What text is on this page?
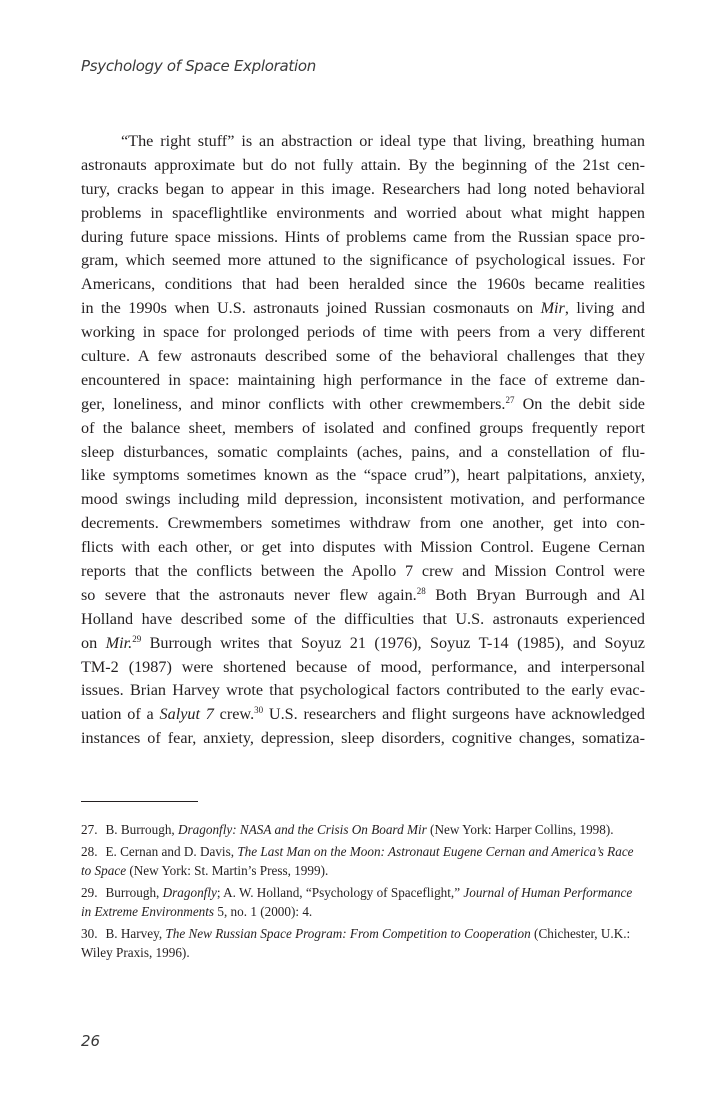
Psychology of Space Exploration
“The right stuff” is an abstraction or ideal type that living, breathing human
astronauts approximate but do not fully attain. By the beginning of the 21st cen-
tury, cracks began to appear in this image. Researchers had long noted behavioral
problems in spaceflightlike environments and worried about what might happen
during future space missions. Hints of problems came from the Russian space pro-
gram, which seemed more attuned to the significance of psychological issues. For
Americans, conditions that had been heralded since the 1960s became realities
in the 1990s when U.S. astronauts joined Russian cosmonauts on Mir, living and
working in space for prolonged periods of time with peers from a very different
culture. A few astronauts described some of the behavioral challenges that they
encountered in space: maintaining high performance in the face of extreme dan-
ger, loneliness, and minor conflicts with other crewmembers.$^{27}$ On the debit side
of the balance sheet, members of isolated and confined groups frequently report
sleep disturbances, somatic complaints (aches, pains, and a constellation of flu-
like symptoms sometimes known as the “space crud”), heart palpitations, anxiety,
mood swings including mild depression, inconsistent motivation, and performance
decrements. Crewmembers sometimes withdraw from one another, get into con-
flicts with each other, or get into disputes with Mission Control. Eugene Cernan
reports that the conflicts between the Apollo 7 crew and Mission Control were
so severe that the astronauts never flew again.$^{28}$ Both Bryan Burrough and Al
Holland have described some of the difficulties that U.S. astronauts experienced
on Mir.$^{29}$ Burrough writes that Soyuz 21 (1976), Soyuz T-14 (1985), and Soyuz
TM-2 (1987) were shortened because of mood, performance, and interpersonal
issues. Brian Harvey wrote that psychological factors contributed to the early evac-
uation of a Salyut 7 crew.$^{30}$ U.S. researchers and flight surgeons have acknowledged
instances of fear, anxiety, depression, sleep disorders, cognitive changes, somatiza-

27. B. Burrough, Dragonfly: NASA and the Crisis On Board Mir (New York: Harper Collins, 1998).

28. E. Cernan and D. Davis, The Last Man on the Moon: Astronaut Eugene Cernan and America’s Race to Space (New York: St. Martin’s Press, 1999).

29. Burrough, Dragonfly; A. W. Holland, “Psychology of Spaceflight,” Journal of Human Performance in Extreme Environments 5, no. 1 (2000): 4.

30. B. Harvey, The New Russian Space Program: From Competition to Cooperation (Chichester, U.K.: Wiley Praxis, 1996).

26
